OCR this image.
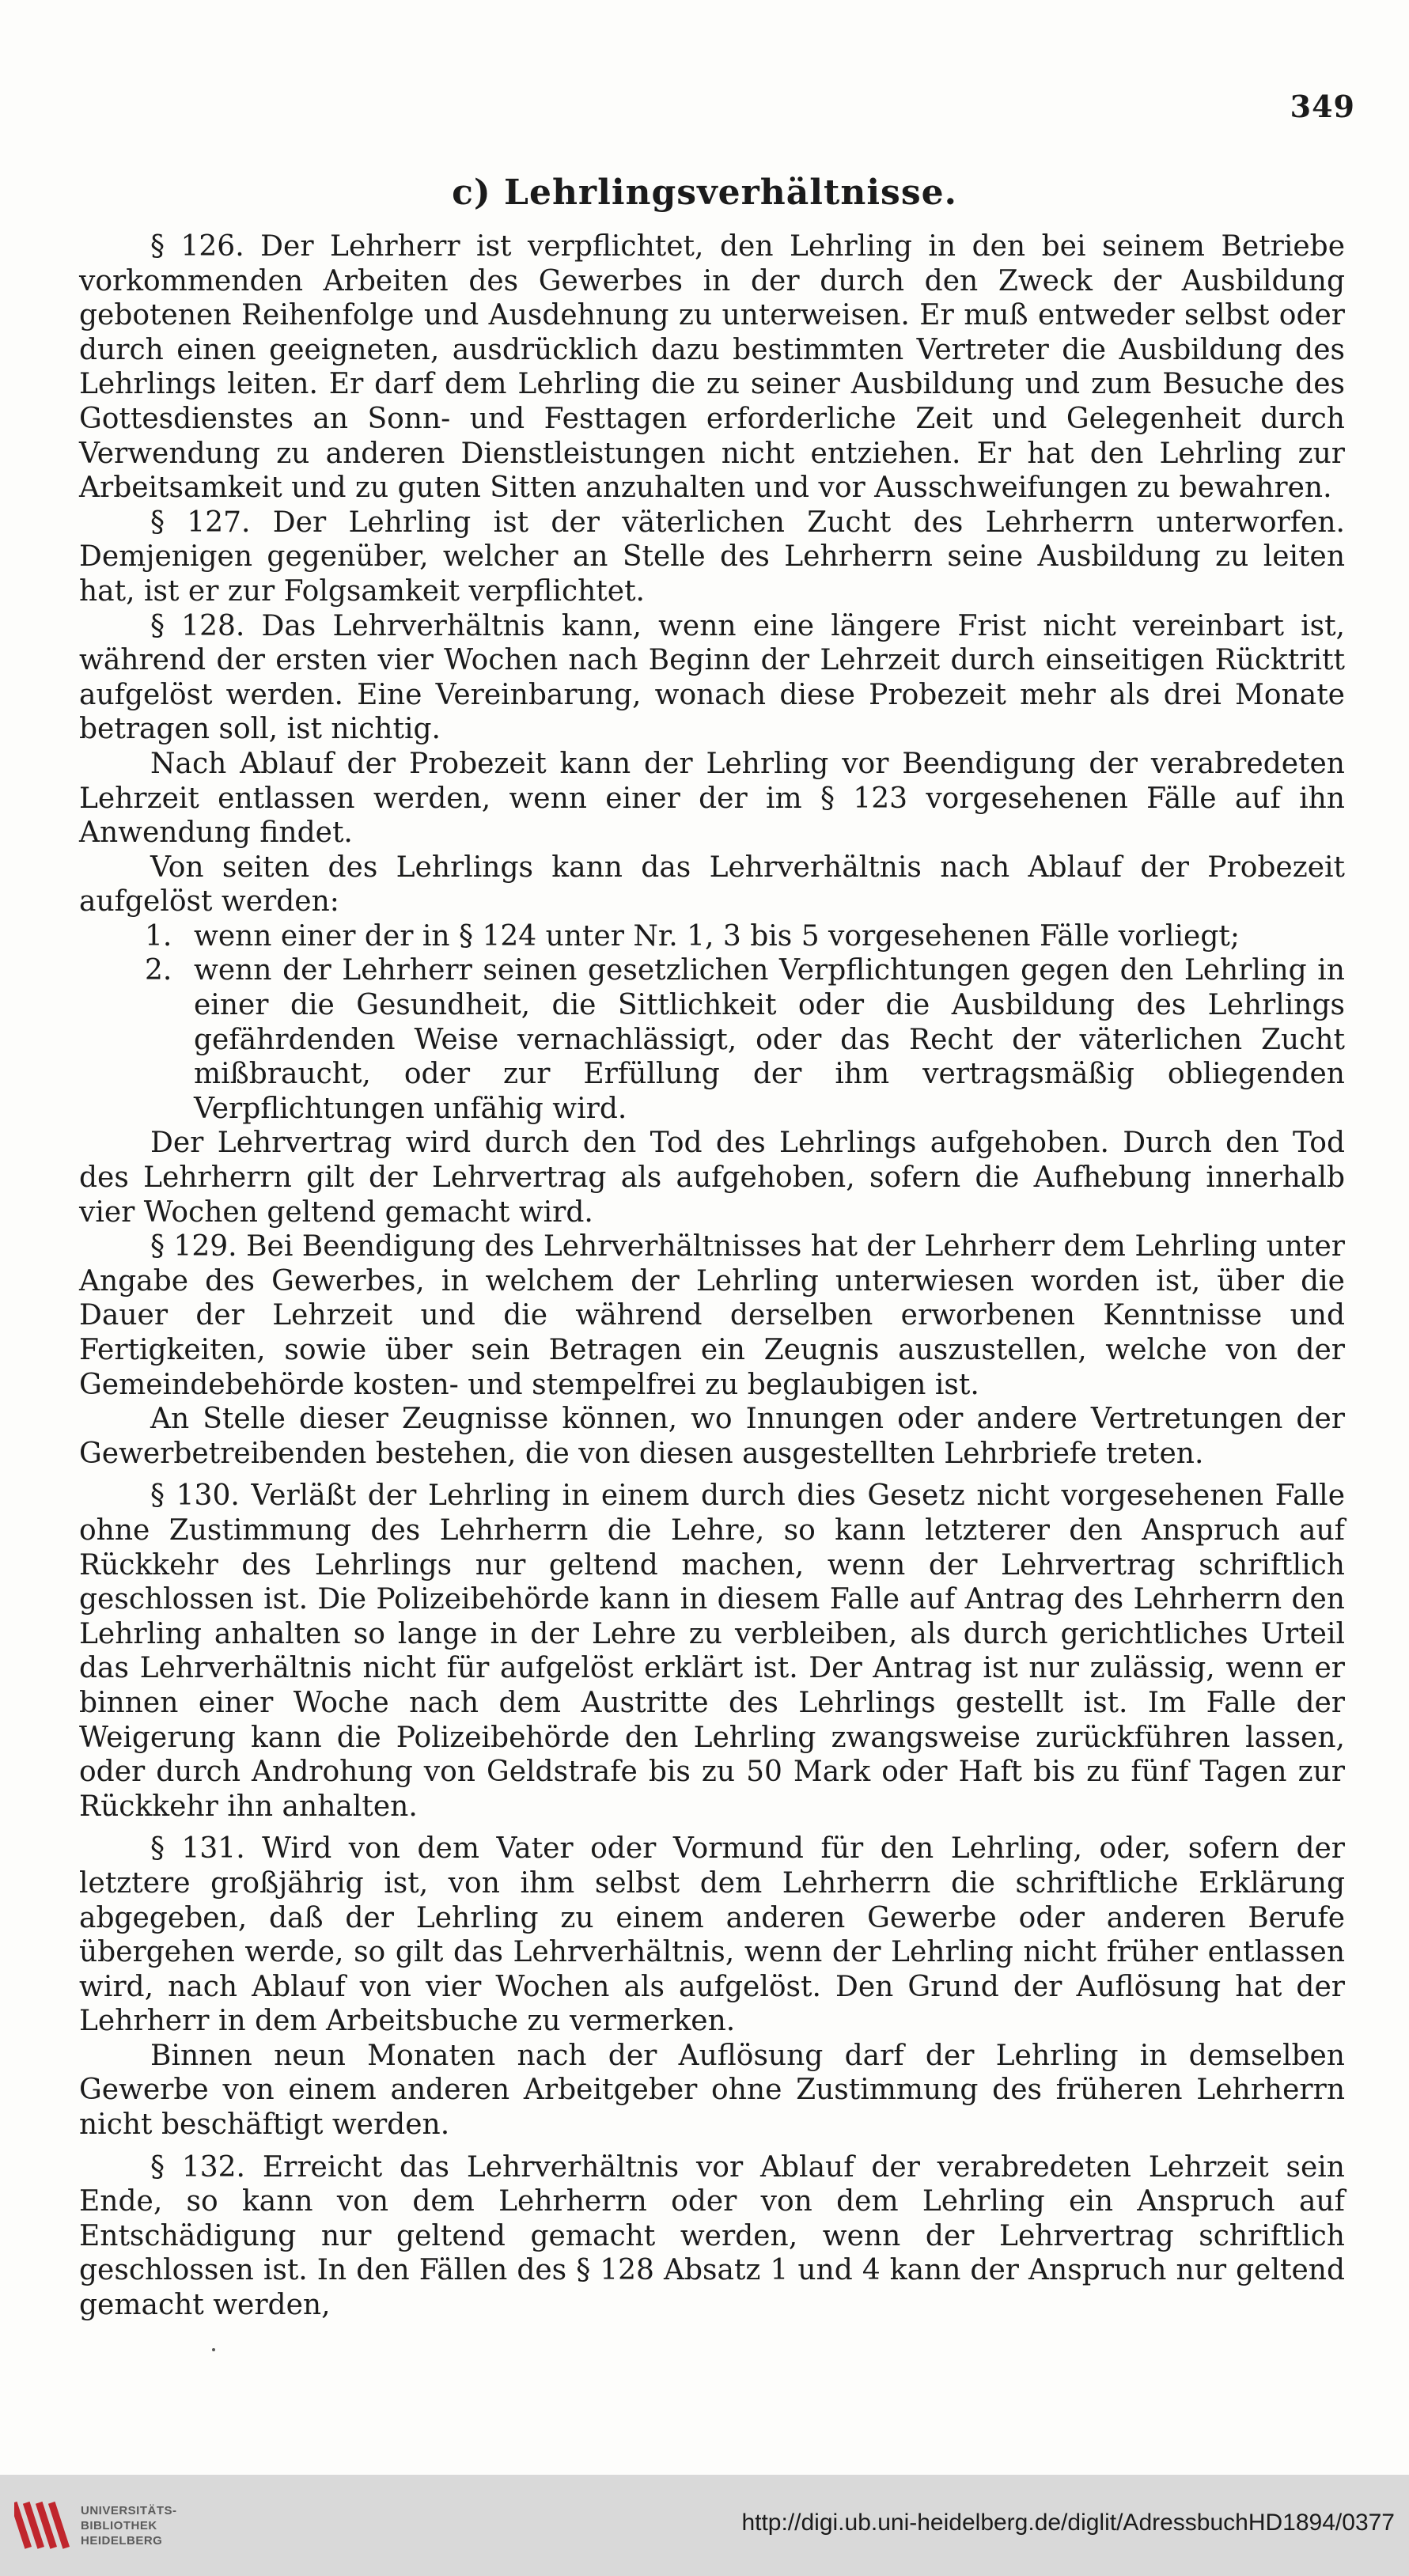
349
c) Lehrlingsverhältnisse.

§ 126. Der Lehrherr ist verpflichtet, den Lehrling in den bei seinem Betriebe vorkommenden Arbeiten des Gewerbes in der durch den Zweck der Ausbildung gebotenen Reihenfolge und Ausdehnung zu unterweisen. Er muß entweder selbst oder durch einen geeigneten, ausdrücklich dazu bestimmten Vertreter die Ausbildung des Lehrlings leiten. Er darf dem Lehrling die zu seiner Ausbildung und zum Besuche des Gottesdienstes an Sonn- und Festtagen erforderliche Zeit und Gelegenheit durch Verwendung zu anderen Dienstleistungen nicht entziehen. Er hat den Lehrling zur Arbeitsamkeit und zu guten Sitten anzuhalten und vor Ausschweifungen zu bewahren.

§ 127. Der Lehrling ist der väterlichen Zucht des Lehrherrn unterworfen. Demjenigen gegenüber, welcher an Stelle des Lehrherrn seine Ausbildung zu leiten hat, ist er zur Folgsamkeit verpflichtet.

§ 128. Das Lehrverhältnis kann, wenn eine längere Frist nicht vereinbart ist, während der ersten vier Wochen nach Beginn der Lehrzeit durch einseitigen Rücktritt aufgelöst werden. Eine Vereinbarung, wonach diese Probezeit mehr als drei Monate betragen soll, ist nichtig.

Nach Ablauf der Probezeit kann der Lehrling vor Beendigung der verabredeten Lehrzeit entlassen werden, wenn einer der im § 123 vorgesehenen Fälle auf ihn Anwendung findet.

Von seiten des Lehrlings kann das Lehrverhältnis nach Ablauf der Probezeit aufgelöst werden:

1. wenn einer der in § 124 unter Nr. 1, 3 bis 5 vorgesehenen Fälle vorliegt;
2. wenn der Lehrherr seinen gesetzlichen Verpflichtungen gegen den Lehrling in einer die Gesundheit, die Sittlichkeit oder die Ausbildung des Lehrlings gefährdenden Weise vernachlässigt, oder das Recht der väterlichen Zucht mißbraucht, oder zur Erfüllung der ihm vertragsmäßig obliegenden Verpflichtungen unfähig wird.

Der Lehrvertrag wird durch den Tod des Lehrlings aufgehoben. Durch den Tod des Lehrherrn gilt der Lehrvertrag als aufgehoben, sofern die Aufhebung innerhalb vier Wochen geltend gemacht wird.

§ 129. Bei Beendigung des Lehrverhältnisses hat der Lehrherr dem Lehrling unter Angabe des Gewerbes, in welchem der Lehrling unterwiesen worden ist, über die Dauer der Lehrzeit und die während derselben erworbenen Kenntnisse und Fertigkeiten, sowie über sein Betragen ein Zeugnis auszustellen, welche von der Gemeindebehörde kosten- und stempelfrei zu beglaubigen ist.

An Stelle dieser Zeugnisse können, wo Innungen oder andere Vertretungen der Gewerbetreibenden bestehen, die von diesen ausgestellten Lehrbriefe treten.

§ 130. Verläßt der Lehrling in einem durch dies Gesetz nicht vorgesehenen Falle ohne Zustimmung des Lehrherrn die Lehre, so kann letzterer den Anspruch auf Rückkehr des Lehrlings nur geltend machen, wenn der Lehrvertrag schriftlich geschlossen ist. Die Polizeibehörde kann in diesem Falle auf Antrag des Lehrherrn den Lehrling anhalten so lange in der Lehre zu verbleiben, als durch gerichtliches Urteil das Lehrverhältnis nicht für aufgelöst erklärt ist. Der Antrag ist nur zulässig, wenn er binnen einer Woche nach dem Austritte des Lehrlings gestellt ist. Im Falle der Weigerung kann die Polizeibehörde den Lehrling zwangsweise zurückführen lassen, oder durch Androhung von Geldstrafe bis zu 50 Mark oder Haft bis zu fünf Tagen zur Rückkehr ihn anhalten.

§ 131. Wird von dem Vater oder Vormund für den Lehrling, oder, sofern der letztere großjährig ist, von ihm selbst dem Lehrherrn die schriftliche Erklärung abgegeben, daß der Lehrling zu einem anderen Gewerbe oder anderen Berufe übergehen werde, so gilt das Lehrverhältnis, wenn der Lehrling nicht früher entlassen wird, nach Ablauf von vier Wochen als aufgelöst. Den Grund der Auflösung hat der Lehrherr in dem Arbeitsbuche zu vermerken.

Binnen neun Monaten nach der Auflösung darf der Lehrling in demselben Gewerbe von einem anderen Arbeitgeber ohne Zustimmung des früheren Lehrherrn nicht beschäftigt werden.

§ 132. Erreicht das Lehrverhältnis vor Ablauf der verabredeten Lehrzeit sein Ende, so kann von dem Lehrherrn oder von dem Lehrling ein Anspruch auf Entschädigung nur geltend gemacht werden, wenn der Lehrvertrag schriftlich geschlossen ist. In den Fällen des § 128 Absatz 1 und 4 kann der Anspruch nur geltend gemacht werden,

UNIVERSITÄTS-
BIBLIOTHEK
HEIDELBERG
http://digi.ub.uni-heidelberg.de/diglit/AdressbuchHD1894/0377
